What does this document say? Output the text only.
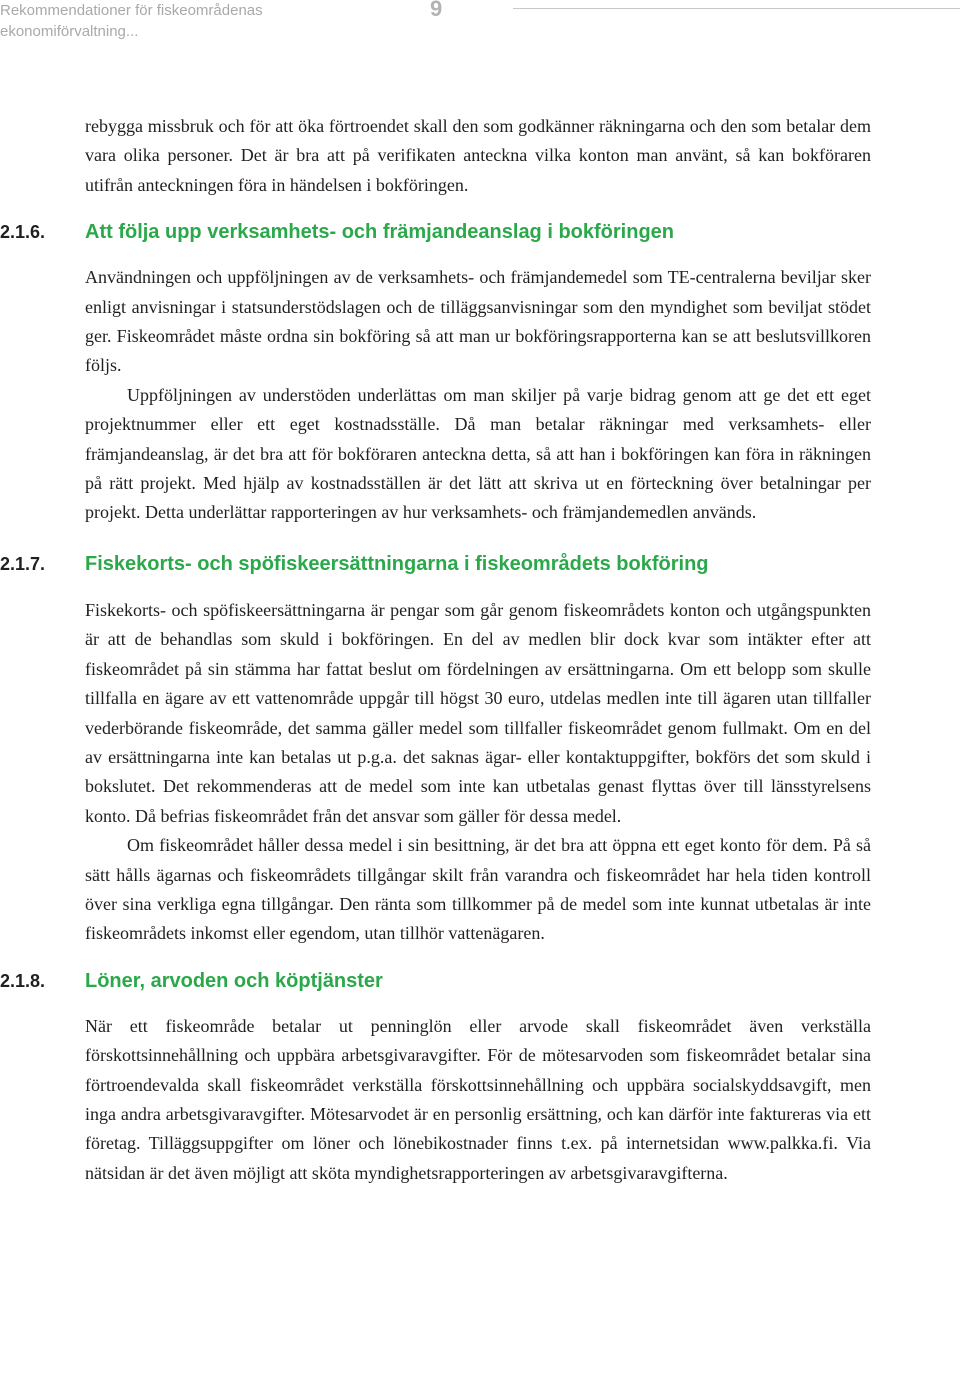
Rekommendationer för fiskeområdenas
ekonomiförvaltning...
9

rebygga missbruk och för att öka förtroendet skall den som godkänner räkningarna och den som betalar dem vara olika personer. Det är bra att på verifikaten anteckna vilka konton man använt, så kan bokföraren utifrån anteckningen föra in händelsen i bokföringen.

2.1.6. Att följa upp verksamhets- och främjandeanslag i bokföringen

Användningen och uppföljningen av de verksamhets- och främjandemedel som TE-centralerna beviljar sker enligt anvisningar i statsunderstödslagen och de tilläggsanvisningar som den myndighet som beviljat stödet ger. Fiskeområdet måste ordna sin bokföring så att man ur bokföringsrapporterna kan se att beslutsvillkoren följs.

Uppföljningen av understöden underlättas om man skiljer på varje bidrag genom att ge det ett eget projektnummer eller ett eget kostnadsställe. Då man betalar räkningar med verksamhets- eller främjandeanslag, är det bra att för bokföraren anteckna detta, så att han i bokföringen kan föra in räkningen på rätt projekt. Med hjälp av kostnadsställen är det lätt att skriva ut en förteckning över betalningar per projekt. Detta underlättar rapporteringen av hur verksamhets- och främjandemedlen används.

2.1.7. Fiskekorts- och spöfiskeersättningarna i fiskeområdets bokföring

Fiskekorts- och spöfiskeersättningarna är pengar som går genom fiskeområdets konton och utgångspunkten är att de behandlas som skuld i bokföringen. En del av medlen blir dock kvar som intäkter efter att fiskeområdet på sin stämma har fattat beslut om fördelningen av ersättningarna. Om ett belopp som skulle tillfalla en ägare av ett vattenområde uppgår till högst 30 euro, utdelas medlen inte till ägaren utan tillfaller vederbörande fiskeområde, det samma gäller medel som tillfaller fiskeområdet genom fullmakt. Om en del av ersättningarna inte kan betalas ut p.g.a. det saknas ägar- eller kontaktuppgifter, bokförs det som skuld i bokslutet. Det rekommenderas att de medel som inte kan utbetalas genast flyttas över till länsstyrelsens konto. Då befrias fiskeområdet från det ansvar som gäller för dessa medel.

Om fiskeområdet håller dessa medel i sin besittning, är det bra att öppna ett eget konto för dem. På så sätt hålls ägarnas och fiskeområdets tillgångar skilt från varandra och fiskeområdet har hela tiden kontroll över sina verkliga egna tillgångar. Den ränta som tillkommer på de medel som inte kunnat utbetalas är inte fiskeområdets inkomst eller egendom, utan tillhör vattenägaren.

2.1.8. Löner, arvoden och köptjänster

När ett fiskeområde betalar ut penninglön eller arvode skall fiskeområdet även verkställa förskottsinnehållning och uppbära arbetsgivaravgifter. För de mötesarvoden som fiskeområdet betalar sina förtroendevalda skall fiskeområdet verkställa förskottsinnehållning och uppbära socialskyddsavgift, men inga andra arbetsgivaravgifter. Mötesarvodet är en personlig ersättning, och kan därför inte faktureras via ett företag. Tilläggsuppgifter om löner och lönebikostnader finns t.ex. på internetsidan www.palkka.fi. Via nätsidan är det även möjligt att sköta myndighetsrapporteringen av arbetsgivaravgifterna.
